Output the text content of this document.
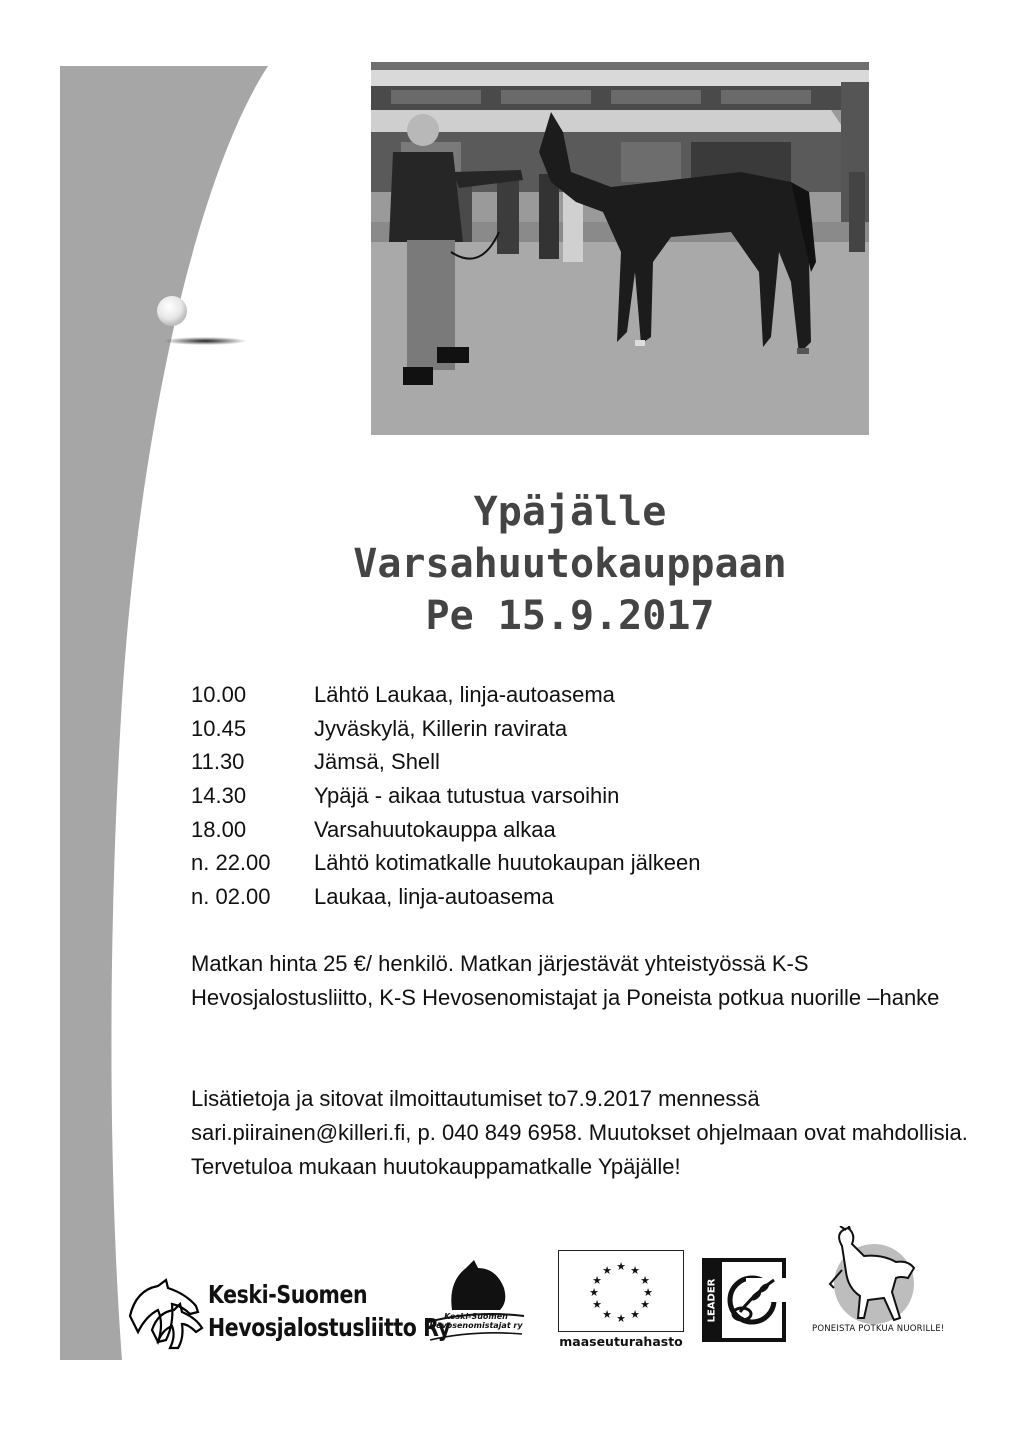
Ypäjälle
Varsahuutokauppaan
Pe 15.9.2017
10.00	Lähtö Laukaa, linja-autoasema
10.45	Jyväskylä, Killerin ravirata
11.30	Jämsä, Shell
14.30	Ypäjä - aikaa tutustua varsoihin
18.00	Varsahuutokauppa alkaa
n. 22.00	Lähtö kotimatkalle huutokaupan jälkeen
n. 02.00	Laukaa, linja-autoasema
Matkan hinta 25 €/ henkilö. Matkan järjestävät yhteistyössä K-S Hevosjalostusliitto, K-S Hevosenomistajat ja Poneista potkua nuorille –hanke
Lisätietoja ja sitovat ilmoittautumiset to7.9.2017 mennessä sari.piirainen@killeri.fi, p. 040 849 6958. Muutokset ohjelmaan ovat mahdollisia. Tervetuloa mukaan huutokauppamatkalle Ypäjälle!
Keski-Suomen
Hevosjalostusliitto Ry
Keski-Suomen
Hevosenomistajat ry
★ ★
★
★
★
★
★
★
★
★
★
★
maaseuturahasto
LEADER
PONEISTA POTKUA NUORILLE!
